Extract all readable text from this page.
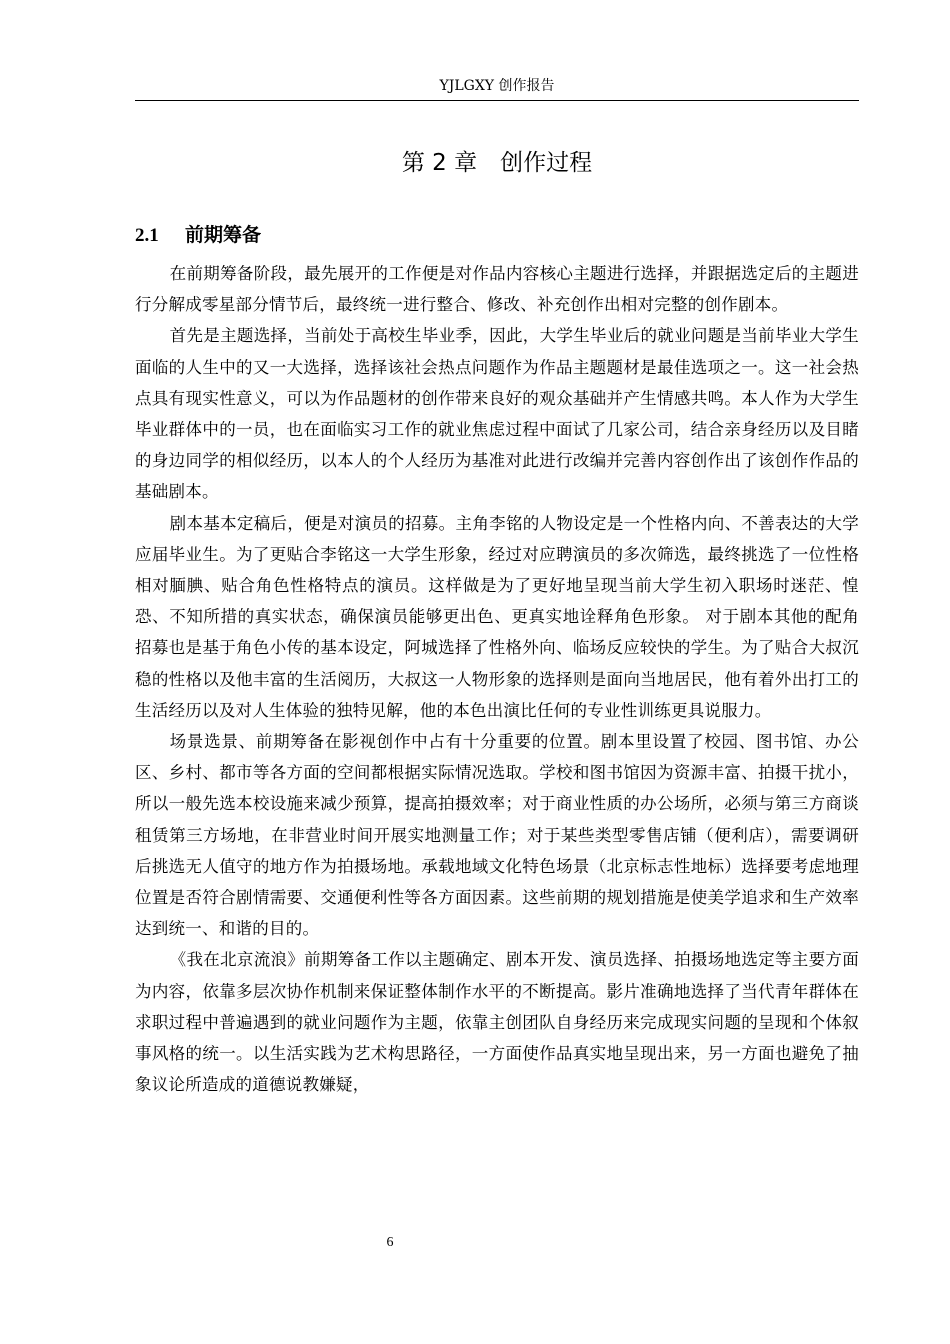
YJLGXY 创作报告
第 2 章　创作过程
2.1 前期筹备

在前期筹备阶段，最先展开的工作便是对作品内容核心主题进行选择，并跟据选定后的主题进行分解成零星部分情节后，最终统一进行整合、修改、补充创作出相对完整的创作剧本。

首先是主题选择，当前处于高校生毕业季，因此，大学生毕业后的就业问题是当前毕业大学生面临的人生中的又一大选择，选择该社会热点问题作为作品主题题材是最佳选项之一。这一社会热点具有现实性意义，可以为作品题材的创作带来良好的观众基础并产生情感共鸣。本人作为大学生毕业群体中的一员，也在面临实习工作的就业焦虑过程中面试了几家公司，结合亲身经历以及目睹的身边同学的相似经历，以本人的个人经历为基准对此进行改编并完善内容创作出了该创作作品的基础剧本。

剧本基本定稿后，便是对演员的招募。主角李铭的人物设定是一个性格内向、不善表达的大学应届毕业生。为了更贴合李铭这一大学生形象，经过对应聘演员的多次筛选，最终挑选了一位性格相对腼腆、贴合角色性格特点的演员。这样做是为了更好地呈现当前大学生初入职场时迷茫、惶恐、不知所措的真实状态，确保演员能够更出色、更真实地诠释角色形象。 对于剧本其他的配角招募也是基于角色小传的基本设定，阿城选择了性格外向、临场反应较快的学生。为了贴合大叔沉稳的性格以及他丰富的生活阅历，大叔这一人物形象的选择则是面向当地居民，他有着外出打工的生活经历以及对人生体验的独特见解，他的本色出演比任何的专业性训练更具说服力。

场景选景、前期筹备在影视创作中占有十分重要的位置。剧本里设置了校园、图书馆、办公区、乡村、都市等各方面的空间都根据实际情况选取。学校和图书馆因为资源丰富、拍摄干扰小，所以一般先选本校设施来减少预算，提高拍摄效率；对于商业性质的办公场所，必须与第三方商谈租赁第三方场地，在非营业时间开展实地测量工作；对于某些类型零售店铺（便利店），需要调研后挑选无人值守的地方作为拍摄场地。承载地域文化特色场景（北京标志性地标）选择要考虑地理位置是否符合剧情需要、交通便利性等各方面因素。这些前期的规划措施是使美学追求和生产效率达到统一、和谐的目的。

《我在北京流浪》前期筹备工作以主题确定、剧本开发、演员选择、拍摄场地选定等主要方面为内容，依靠多层次协作机制来保证整体制作水平的不断提高。影片准确地选择了当代青年群体在求职过程中普遍遇到的就业问题作为主题，依靠主创团队自身经历来完成现实问题的呈现和个体叙事风格的统一。以生活实践为艺术构思路径，一方面使作品真实地呈现出来，另一方面也避免了抽象议论所造成的道德说教嫌疑，

6
